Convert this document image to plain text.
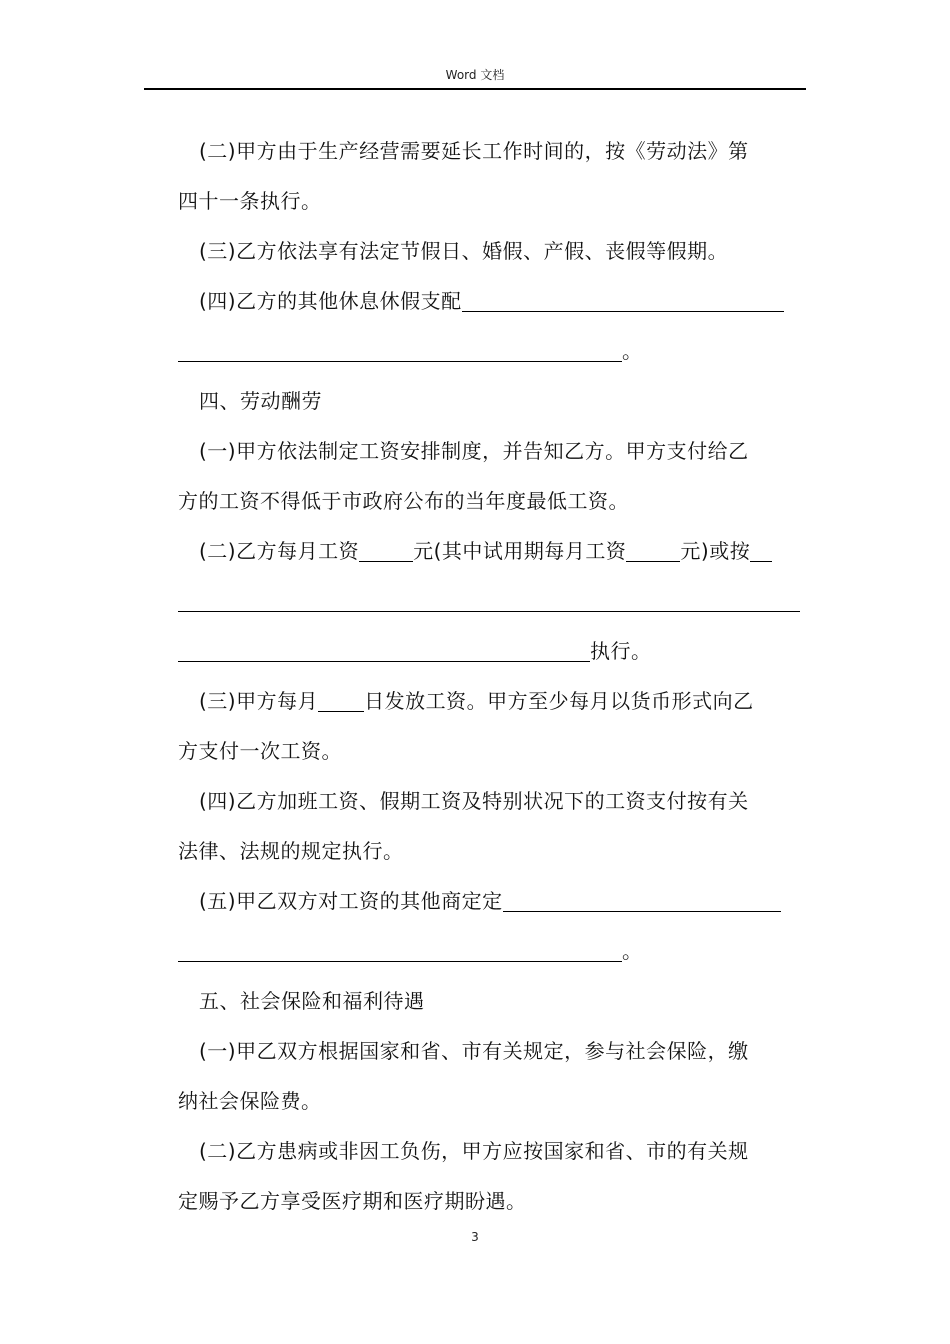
Word 文档
(二)甲方由于生产经营需要延长工作时间的，按《劳动法》第
四十一条执行。
(三)乙方依法享有法定节假日、婚假、产假、丧假等假期。
(四)乙方的其他休息休假支配
。
四、劳动酬劳
(一)甲方依法制定工资安排制度，并告知乙方。甲方支付给乙
方的工资不得低于市政府公布的当年度最低工资。
(二)乙方每月工资	元(其中试用期每月工资	元)或按
执行。
(三)甲方每月 日发放工资。甲方至少每月以货币形式向乙
方支付一次工资。
(四)乙方加班工资、假期工资及特别状况下的工资支付按有关
法律、法规的规定执行。
(五)甲乙双方对工资的其他商定定
。
五、社会保险和福利待遇
(一)甲乙双方根据国家和省、市有关规定，参与社会保险，缴
纳社会保险费。
(二)乙方患病或非因工负伤，甲方应按国家和省、市的有关规
定赐予乙方享受医疗期和医疗期盼遇。
3
